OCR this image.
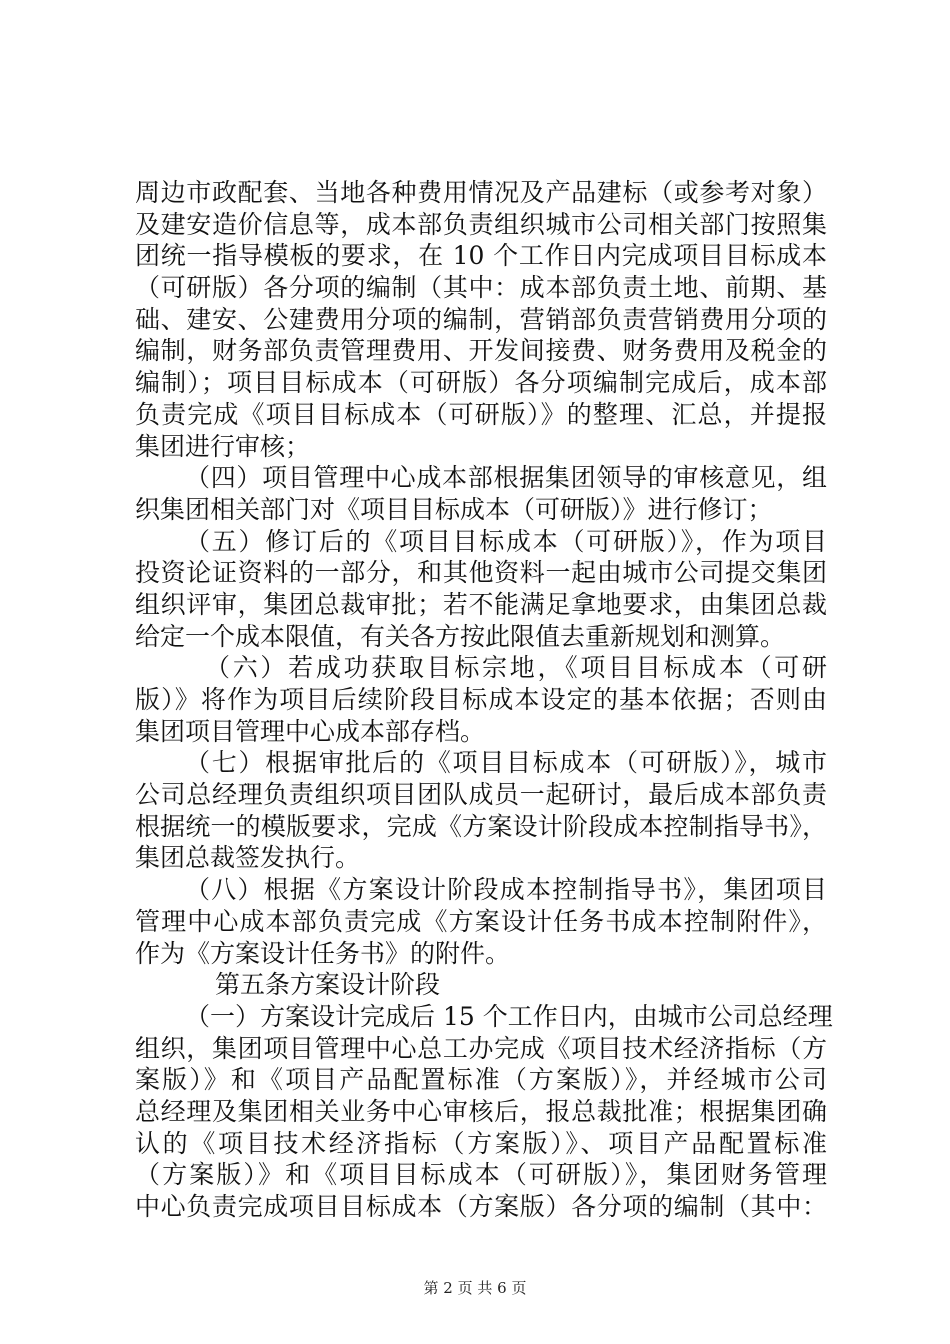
周边市政配套、当地各种费用情况及产品建标（或参考对象）
及建安造价信息等，成本部负责组织城市公司相关部门按照集
团统一指导模板的要求，在 10 个工作日内完成项目目标成本
（可研版）各分项的编制（其中：成本部负责土地、前期、基
础、建安、公建费用分项的编制，营销部负责营销费用分项的
编制，财务部负责管理费用、开发间接费、财务费用及税金的
编制）；项目目标成本（可研版）各分项编制完成后，成本部
负责完成《项目目标成本（可研版）》的整理、汇总，并提报
集团进行审核；
（四）项目管理中心成本部根据集团领导的审核意见，组
织集团相关部门对《项目目标成本（可研版）》进行修订；
（五）修订后的《项目目标成本（可研版）》，作为项目
投资论证资料的一部分，和其他资料一起由城市公司提交集团
组织评审，集团总裁审批；若不能满足拿地要求，由集团总裁
给定一个成本限值，有关各方按此限值去重新规划和测算。
（六）若成功获取目标宗地，《项目目标成本（可研
版）》将作为项目后续阶段目标成本设定的基本依据；否则由
集团项目管理中心成本部存档。
（七）根据审批后的《项目目标成本（可研版）》，城市
公司总经理负责组织项目团队成员一起研讨，最后成本部负责
根据统一的模版要求，完成《方案设计阶段成本控制指导书》，
集团总裁签发执行。
（八）根据《方案设计阶段成本控制指导书》，集团项目
管理中心成本部负责完成《方案设计任务书成本控制附件》，
作为《方案设计任务书》的附件。
第五条方案设计阶段
（一）方案设计完成后 15 个工作日内，由城市公司总经理
组织，集团项目管理中心总工办完成《项目技术经济指标（方
案版）》和《项目产品配置标准（方案版）》，并经城市公司
总经理及集团相关业务中心审核后，报总裁批准；根据集团确
认的《项目技术经济指标（方案版）》、项目产品配置标准
（方案版）》和《项目目标成本（可研版）》，集团财务管理
中心负责完成项目目标成本（方案版）各分项的编制（其中：
第 2 页 共 6 页
